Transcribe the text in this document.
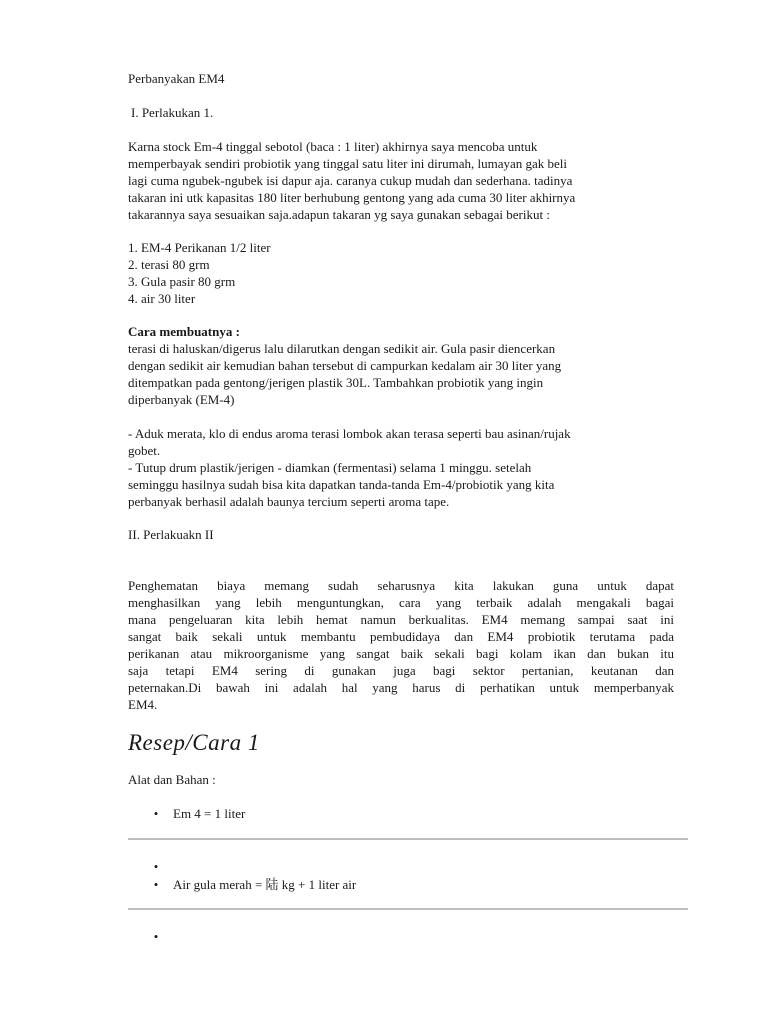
Perbanyakan EM4

I. Perlakukan 1.

Karna stock Em-4 tinggal sebotol (baca : 1 liter) akhirnya saya mencoba untuk

memperbayak sendiri probiotik yang tinggal satu liter ini dirumah, lumayan gak beli

lagi cuma ngubek-ngubek isi dapur aja. caranya cukup mudah dan sederhana. tadinya

takaran ini utk kapasitas 180 liter berhubung gentong yang ada cuma 30 liter akhirnya

takarannya saya sesuaikan saja.adapun takaran yg saya gunakan sebagai berikut :

1. EM-4 Perikanan 1/2 liter

2. terasi 80 grm

3. Gula pasir 80 grm

4. air 30 liter

Cara membuatnya :

terasi di haluskan/digerus lalu dilarutkan dengan sedikit air. Gula pasir diencerkan

dengan sedikit air kemudian bahan tersebut di campurkan kedalam air 30 liter yang

ditempatkan pada gentong/jerigen plastik 30L. Tambahkan probiotik yang ingin

diperbanyak (EM-4)

- Aduk merata, klo di endus aroma terasi lombok akan terasa seperti bau asinan/rujak

gobet.

- Tutup drum plastik/jerigen - diamkan (fermentasi) selama 1 minggu. setelah

seminggu hasilnya sudah bisa kita dapatkan tanda-tanda Em-4/probiotik yang kita

perbanyak berhasil adalah baunya tercium seperti aroma tape.

II. Perlakuakn II

Penghematan biaya memang sudah seharusnya kita lakukan guna untuk dapat

menghasilkan yang lebih menguntungkan, cara yang terbaik adalah mengakali bagai

mana pengeluaran kita lebih hemat namun berkualitas. EM4 memang sampai saat ini

sangat baik sekali untuk membantu pembudidaya dan EM4 probiotik terutama pada

perikanan atau mikroorganisme yang sangat baik sekali bagi kolam ikan dan bukan itu

saja tetapi EM4 sering di gunakan juga bagi sektor pertanian, keutanan dan

peternakan.Di bawah ini adalah hal yang harus di perhatikan untuk memperbanyak

EM4.

Resep/Cara 1

Alat dan Bahan :

• Em 4 = 1 liter
•
• Air gula merah = 陆 kg + 1 liter air
•
